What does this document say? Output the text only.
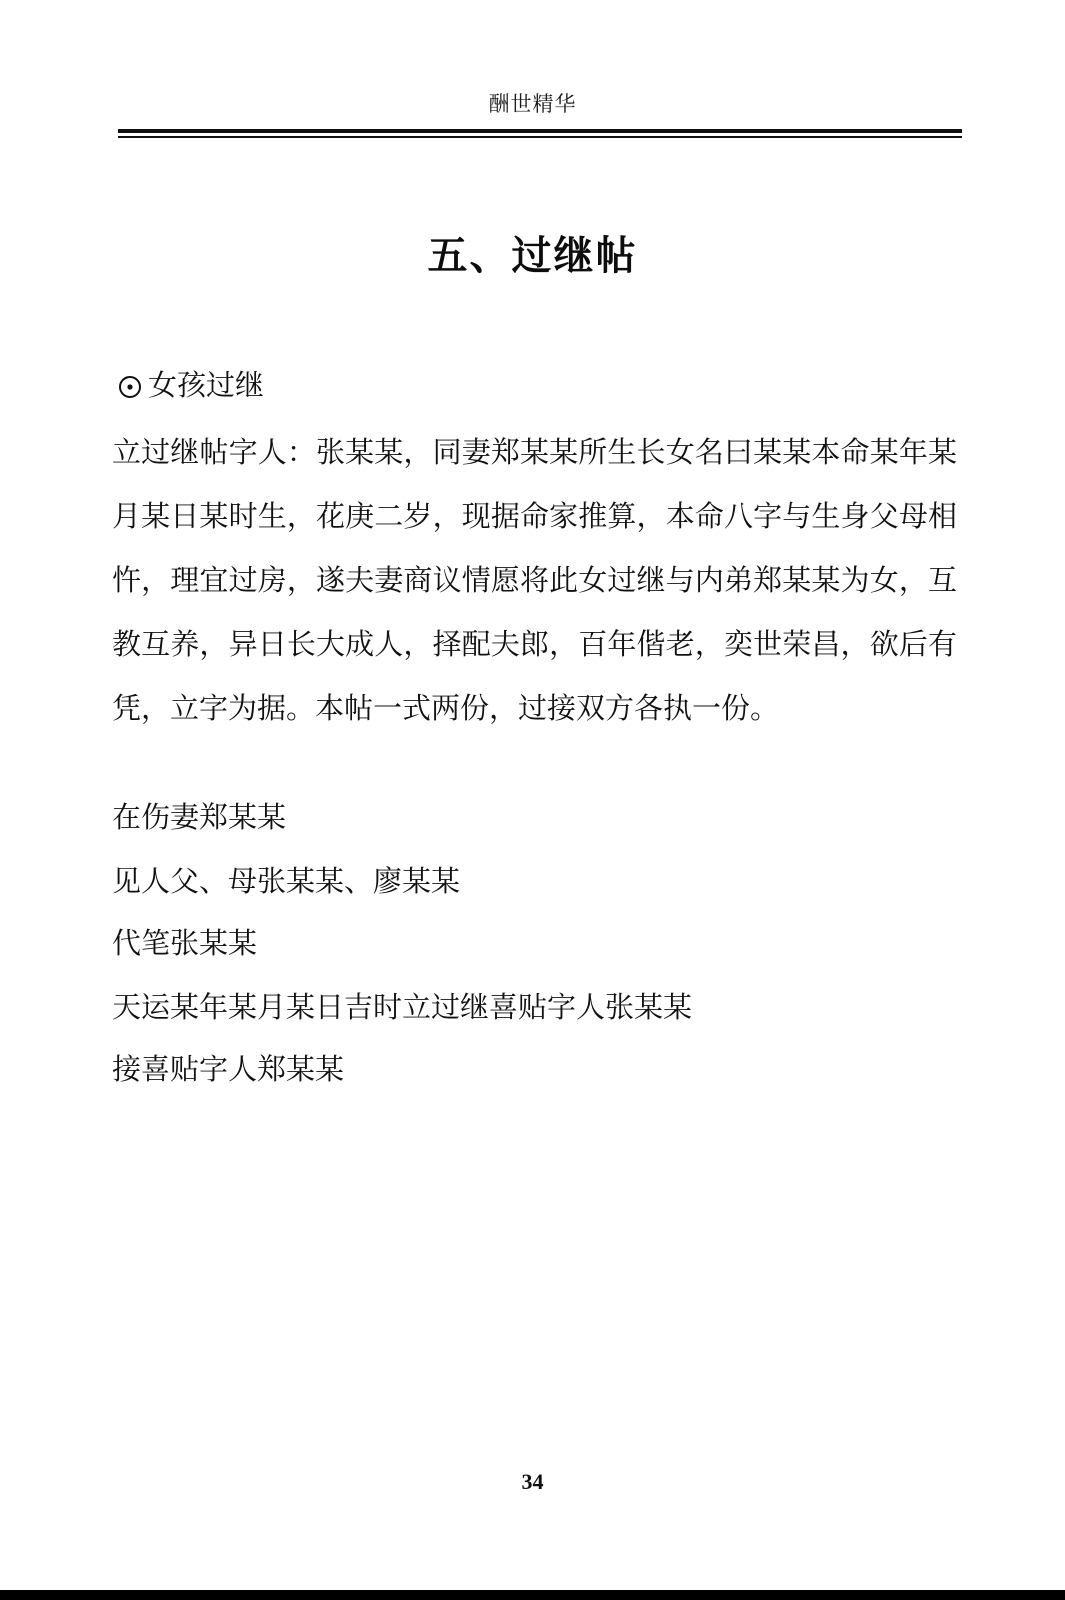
酬世精华
五、过继帖
女孩过继

立过继帖字人：张某某，同妻郑某某所生长女名曰某某本命某年某月某日某时生，花庚二岁，现据命家推算，本命八字与生身父母相忤，理宜过房，遂夫妻商议情愿将此女过继与内弟郑某某为女，互教互养，异日长大成人，择配夫郎，百年偕老，奕世荣昌，欲后有凭，立字为据。本帖一式两份，过接双方各执一份。

在伤妻郑某某
见人父、母张某某、廖某某
代笔张某某
天运某年某月某日吉时立过继喜贴字人张某某
接喜贴字人郑某某
34
